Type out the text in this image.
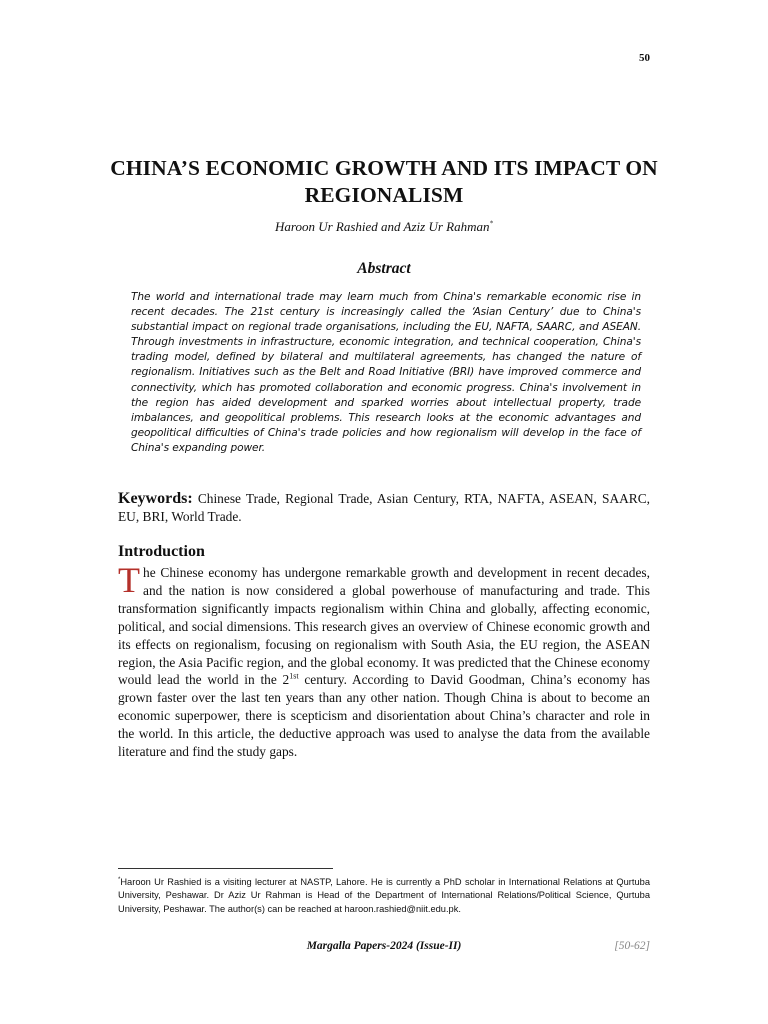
50
CHINA’S ECONOMIC GROWTH AND ITS IMPACT ON REGIONALISM
Haroon Ur Rashied and Aziz Ur Rahman*
Abstract
The world and international trade may learn much from China's remarkable economic rise in recent decades. The 21st century is increasingly called the ‘Asian Century’ due to China's substantial impact on regional trade organisations, including the EU, NAFTA, SAARC, and ASEAN. Through investments in infrastructure, economic integration, and technical cooperation, China's trading model, defined by bilateral and multilateral agreements, has changed the nature of regionalism. Initiatives such as the Belt and Road Initiative (BRI) have improved commerce and connectivity, which has promoted collaboration and economic progress. China's involvement in the region has aided development and sparked worries about intellectual property, trade imbalances, and geopolitical problems. This research looks at the economic advantages and geopolitical difficulties of China's trade policies and how regionalism will develop in the face of China's expanding power.
Keywords: Chinese Trade, Regional Trade, Asian Century, RTA, NAFTA, ASEAN, SAARC, EU, BRI, World Trade.
Introduction
The Chinese economy has undergone remarkable growth and development in recent decades, and the nation is now considered a global powerhouse of manufacturing and trade. This transformation significantly impacts regionalism within China and globally, affecting economic, political, and social dimensions. This research gives an overview of Chinese economic growth and its effects on regionalism, focusing on regionalism with South Asia, the EU region, the ASEAN region, the Asia Pacific region, and the global economy. It was predicted that the Chinese economy would lead the world in the $2^{1st}$ century. According to David Goodman, China’s economy has grown faster over the last ten years than any other nation. Though China is about to become an economic superpower, there is scepticism and disorientation about China’s character and role in the world. In this article, the deductive approach was used to analyse the data from the available literature and find the study gaps.
*Haroon Ur Rashied is a visiting lecturer at NASTP, Lahore. He is currently a PhD scholar in International Relations at Qurtuba University, Peshawar. Dr Aziz Ur Rahman is Head of the Department of International Relations/Political Science, Qurtuba University, Peshawar. The author(s) can be reached at haroon.rashied@niit.edu.pk.
Margalla Papers-2024 (Issue-II)	[50-62]
